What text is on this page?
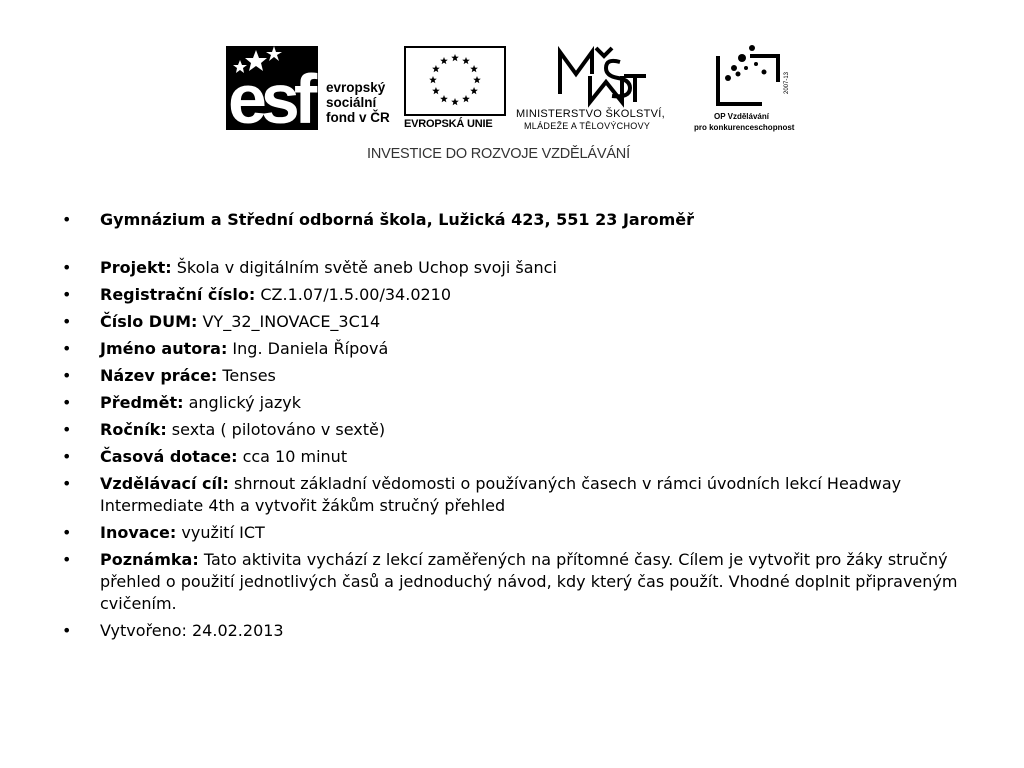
esf evropský
sociální
fond v ČR EVROPSKÁ UNIE
MINISTERSTVO ŠKOLSTVÍ,
MLÁDEŽE A TĚLOVÝCHOVY
2007-13
OP Vzdělávání
pro konkurenceschopnost
INVESTICE DO ROZVOJE VZDĚLÁVÁNÍ
• Gymnázium a Střední odborná škola, Lužická 423, 551 23 Jaroměř
• Projekt: Škola v digitálním světě aneb Uchop svoji šanci
• Registrační číslo: CZ.1.07/1.5.00/34.0210
• Číslo DUM: VY_32_INOVACE_3C14
• Jméno autora: Ing. Daniela Řípová
• Název práce: Tenses
• Předmět: anglický jazyk
• Ročník: sexta ( pilotováno v sextě)
• Časová dotace: cca 10 minut
• Vzdělávací cíl: shrnout základní vědomosti o používaných časech v rámci úvodních lekcí Headway Intermediate 4th a vytvořit žákům stručný přehled
• Inovace: využití ICT
• Poznámka: Tato aktivita vychází z lekcí zaměřených na přítomné časy. Cílem je vytvořit pro žáky stručný přehled o použití jednotlivých časů a jednoduchý návod, kdy který čas použít. Vhodné doplnit připraveným cvičením.
• Vytvořeno: 24.02.2013
